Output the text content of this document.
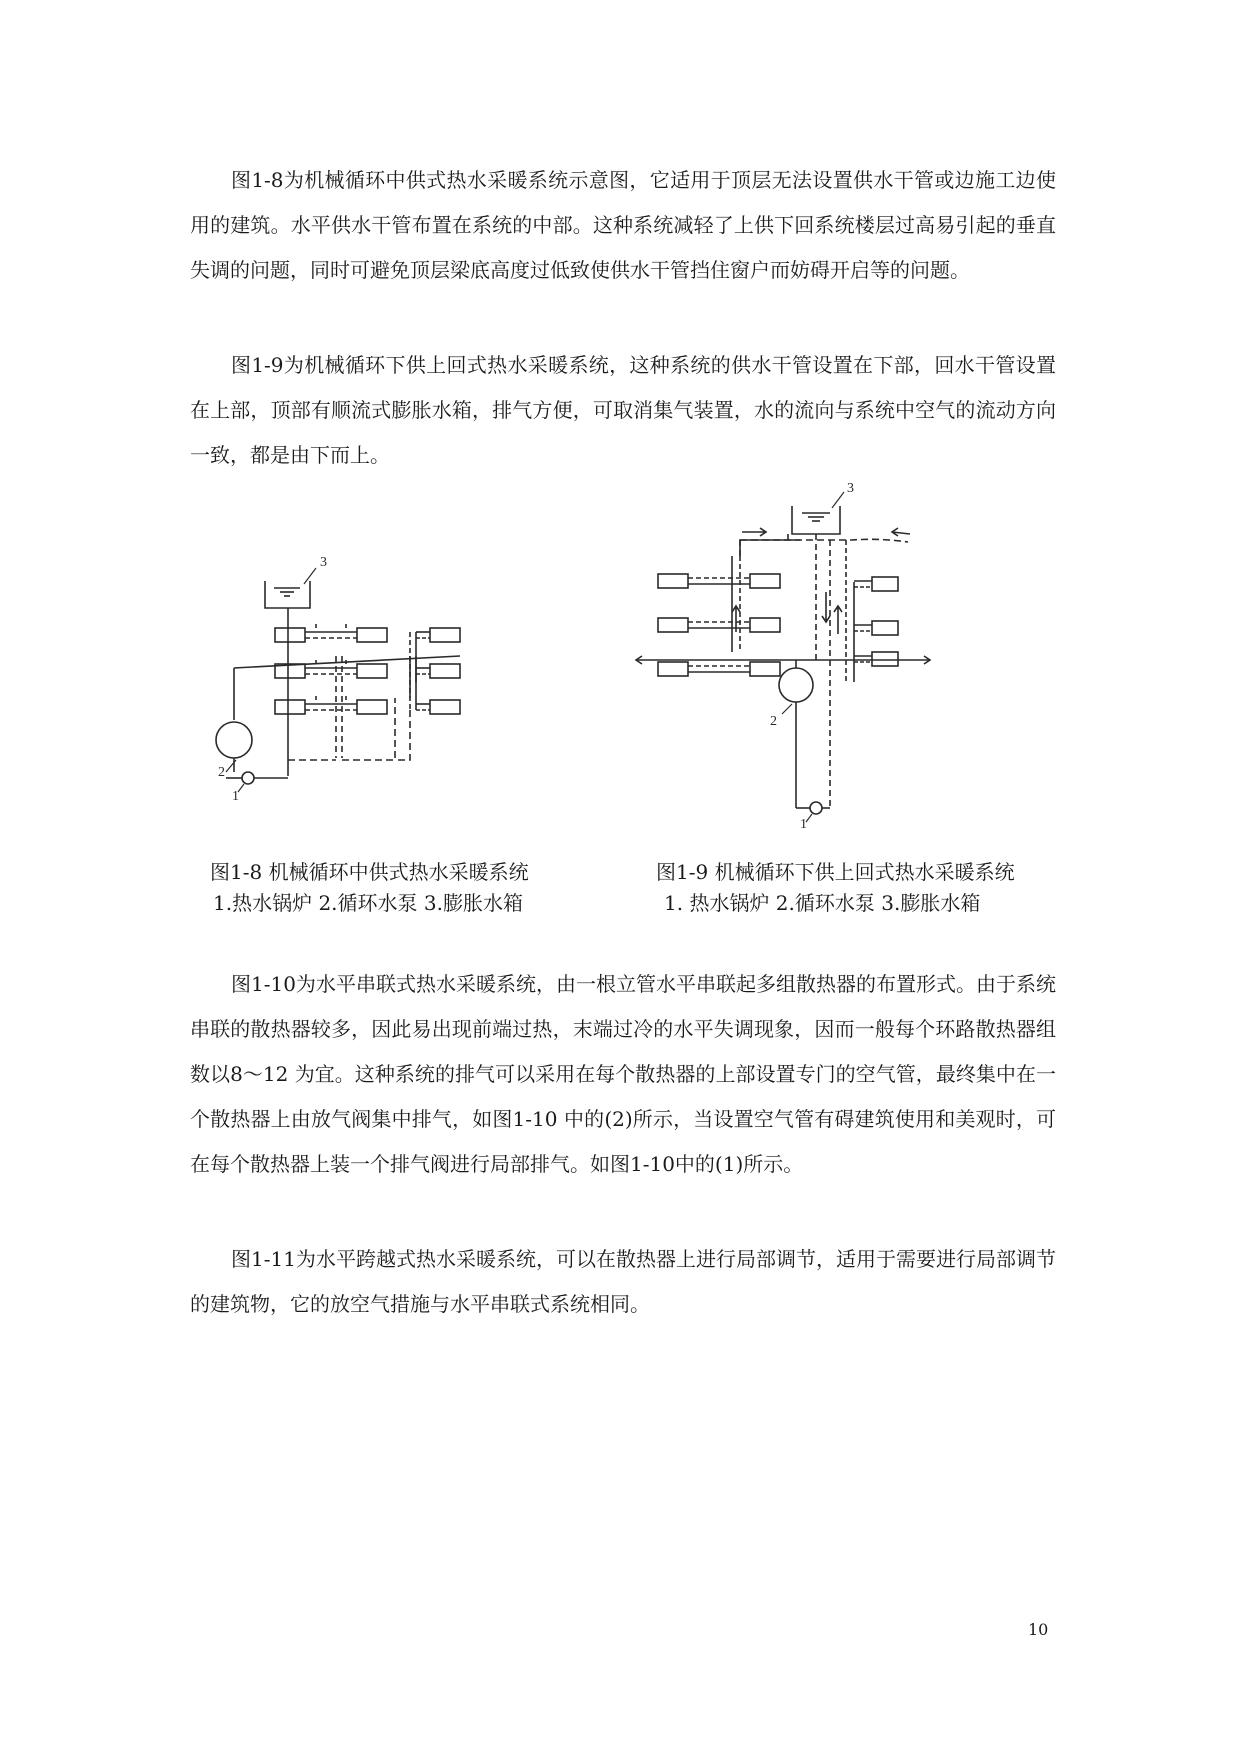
图1-8为机械循环中供式热水采暖系统示意图，它适用于顶层无法设置供水干管或边施工边使用的建筑。水平供水干管布置在系统的中部。这种系统减轻了上供下回系统楼层过高易引起的垂直失调的问题，同时可避免顶层梁底高度过低致使供水干管挡住窗户而妨碍开启等的问题。

图1-9为机械循环下供上回式热水采暖系统，这种系统的供水干管设置在下部，回水干管设置在上部，顶部有顺流式膨胀水箱，排气方便，可取消集气装置，水的流向与系统中空气的流动方向一致，都是由下而上。

3
2
1
3
2
1

图1-8 机械循环中供式热水采暖系统

1.热水锅炉 2.循环水泵 3.膨胀水箱

图1-9 机械循环下供上回式热水采暖系统

1. 热水锅炉 2.循环水泵 3.膨胀水箱

图1-10为水平串联式热水采暖系统，由一根立管水平串联起多组散热器的布置形式。由于系统串联的散热器较多，因此易出现前端过热，末端过冷的水平失调现象，因而一般每个环路散热器组数以8～12 为宜。这种系统的排气可以采用在每个散热器的上部设置专门的空气管，最终集中在一个散热器上由放气阀集中排气，如图1-10 中的(2)所示，当设置空气管有碍建筑使用和美观时，可在每个散热器上装一个排气阀进行局部排气。如图1-10中的(1)所示。

图1-11为水平跨越式热水采暖系统，可以在散热器上进行局部调节，适用于需要进行局部调节的建筑物，它的放空气措施与水平串联式系统相同。

10
